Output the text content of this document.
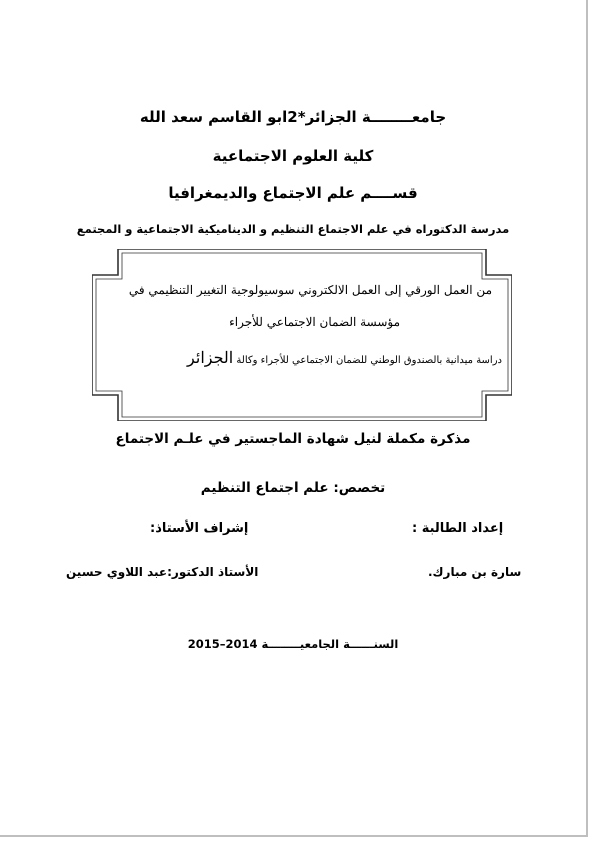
جامعــــــــة الجزائر*2ابو القاسم سعد الله
كلية العلوم الاجتماعية
قســــم علم الاجتماع والديمغرافيا
مدرسة الدكتوراه في علم الاجتماع التنظيم و الديناميكية الاجتماعية و المجتمع
من العمل الورقي إلى العمل الالكتروني سوسيولوجية التغيير التنظيمي في
مؤسسة الضمان الاجتماعي للأجراء
دراسة ميدانية بالصندوق الوطني للضمان الاجتماعي للأجراء وكالة الجزائر
مذكرة مكملة لنيل شهادة الماجستير في علـم الاجتماع
تخصص: علم اجتماع التنظيم
إعداد الطالبة :
إشراف الأستاذ:
سارة بن مبارك.
الأستاذ الدكتور:عبد اللاوي حسين
السنــــــة الجامعيــــــــة 2014–2015
